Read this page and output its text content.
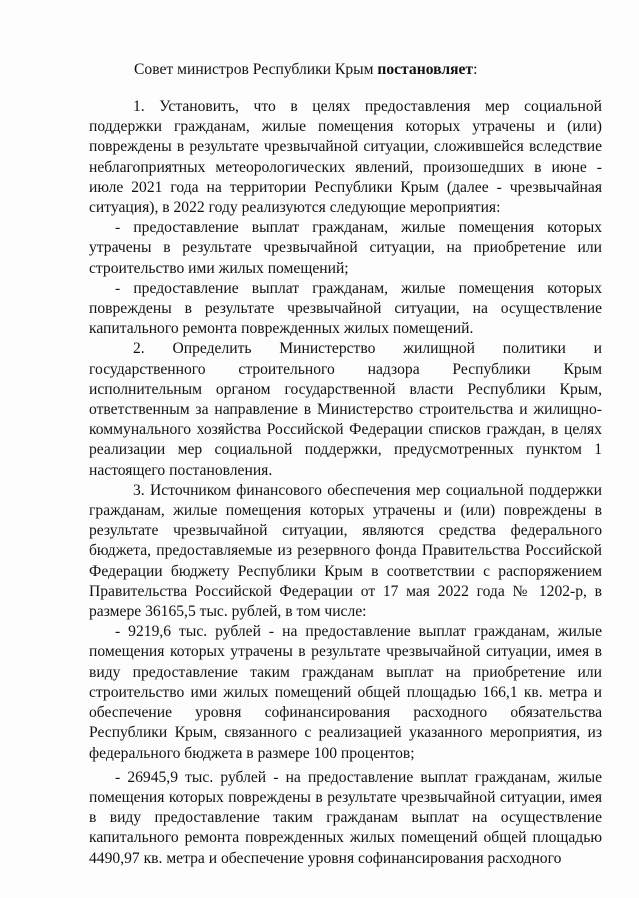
Совет министров Республики Крым постановляет:

1. Установить, что в целях предоставления мер социальной поддержки гражданам, жилые помещения которых утрачены и (или) повреждены в результате чрезвычайной ситуации, сложившейся вследствие неблагоприятных метеорологических явлений, произошедших в июне - июле 2021 года на территории Республики Крым (далее - чрезвычайная ситуация), в 2022 году реализуются следующие мероприятия:

- предоставление выплат гражданам, жилые помещения которых утрачены в результате чрезвычайной ситуации, на приобретение или строительство ими жилых помещений;

- предоставление выплат гражданам, жилые помещения которых повреждены в результате чрезвычайной ситуации, на осуществление капитального ремонта поврежденных жилых помещений.

2. Определить Министерство жилищной политики и государственного строительного надзора Республики Крым исполнительным органом государственной власти Республики Крым, ответственным за направление в Министерство строительства и жилищно-коммунального хозяйства Российской Федерации списков граждан, в целях реализации мер социальной поддержки, предусмотренных пунктом 1 настоящего постановления.

3. Источником финансового обеспечения мер социальной поддержки гражданам, жилые помещения которых утрачены и (или) повреждены в результате чрезвычайной ситуации, являются средства федерального бюджета, предоставляемые из резервного фонда Правительства Российской Федерации бюджету Республики Крым в соответствии с распоряжением Правительства Российской Федерации от 17 мая 2022 года № 1202-р, в размере 36165,5 тыс. рублей, в том числе:

- 9219,6 тыс. рублей - на предоставление выплат гражданам, жилые помещения которых утрачены в результате чрезвычайной ситуации, имея в виду предоставление таким гражданам выплат на приобретение или строительство ими жилых помещений общей площадью 166,1 кв. метра и обеспечение уровня софинансирования расходного обязательства Республики Крым, связанного с реализацией указанного мероприятия, из федерального бюджета в размере 100 процентов;

- 26945,9 тыс. рублей - на предоставление выплат гражданам, жилые помещения которых повреждены в результате чрезвычайной ситуации, имея в виду предоставление таким гражданам выплат на осуществление капитального ремонта поврежденных жилых помещений общей площадью 4490,97 кв. метра и обеспечение уровня софинансирования расходного
